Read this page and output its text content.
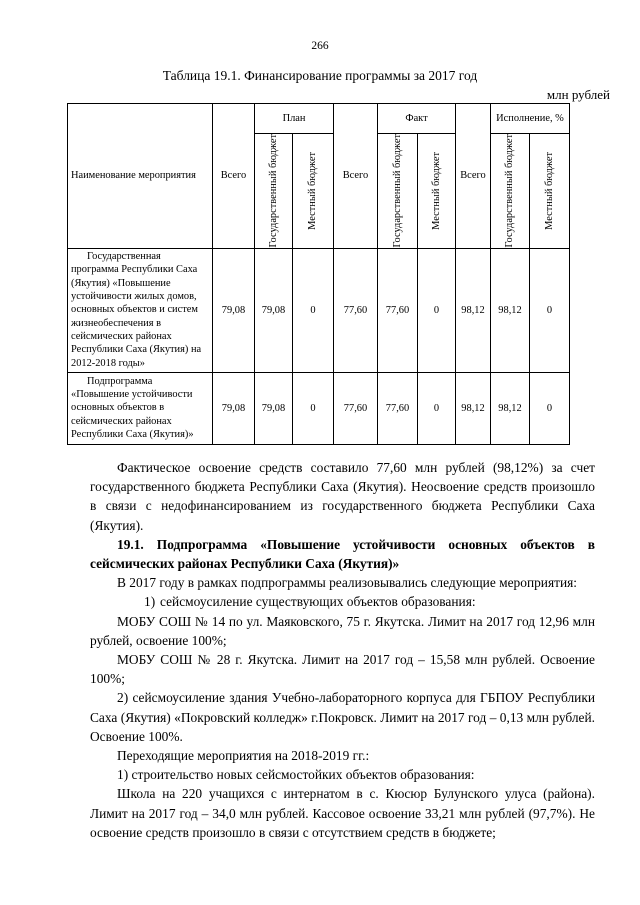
266
Таблица 19.1. Финансирование программы за 2017 год
млн рублей
Наименование мероприятия	Всего	План		Всего	Факт		Всего	Исполнение, %	

		Государственный бюджет	Местный бюджет		Государственный бюджет	Местный бюджет		Государственный бюджет	Местный бюджет

Государственная программа Республики Саха (Якутия) «Повышение устойчивости жилых домов, основных объектов и систем жизнеобеспечения в сейсмических районах Республики Саха (Якутия) на 2012-2018 годы»	79,08	79,08	0	77,60	77,60	0	98,12	98,12	0
Подпрограмма «Повышение устойчивости основных объектов в сейсмических районах Республики Саха (Якутия)»	79,08	79,08	0	77,60	77,60	0	98,12	98,12	0

Фактическое освоение средств составило 77,60 млн рублей (98,12%) за счет государственного бюджета Республики Саха (Якутия). Неосвоение средств произошло в связи с недофинансированием из государственного бюджета Республики Саха (Якутия).

19.1. Подпрограмма «Повышение устойчивости основных объектов в сейсмических районах Республики Саха (Якутия)»

В 2017 году в рамках подпрограммы реализовывались следующие мероприятия:

1) сейсмоусиление существующих объектов образования:

МОБУ СОШ № 14 по ул. Маяковского, 75 г. Якутска. Лимит на 2017 год 12,96 млн рублей, освоение 100%;

МОБУ СОШ № 28 г. Якутска. Лимит на 2017 год – 15,58 млн рублей. Освоение 100%;

2) сейсмоусиление здания Учебно-лабораторного корпуса для ГБПОУ Республики Саха (Якутия) «Покровский колледж» г.Покровск. Лимит на 2017 год – 0,13 млн рублей. Освоение 100%.

Переходящие мероприятия на 2018-2019 гг.:

1) строительство новых сейсмостойких объектов образования:

Школа на 220 учащихся с интернатом в с. Кюсюр Булунского улуса (района). Лимит на 2017 год – 34,0 млн рублей. Кассовое освоение 33,21 млн рублей (97,7%). Не освоение средств произошло в связи с отсутствием средств в бюджете;
